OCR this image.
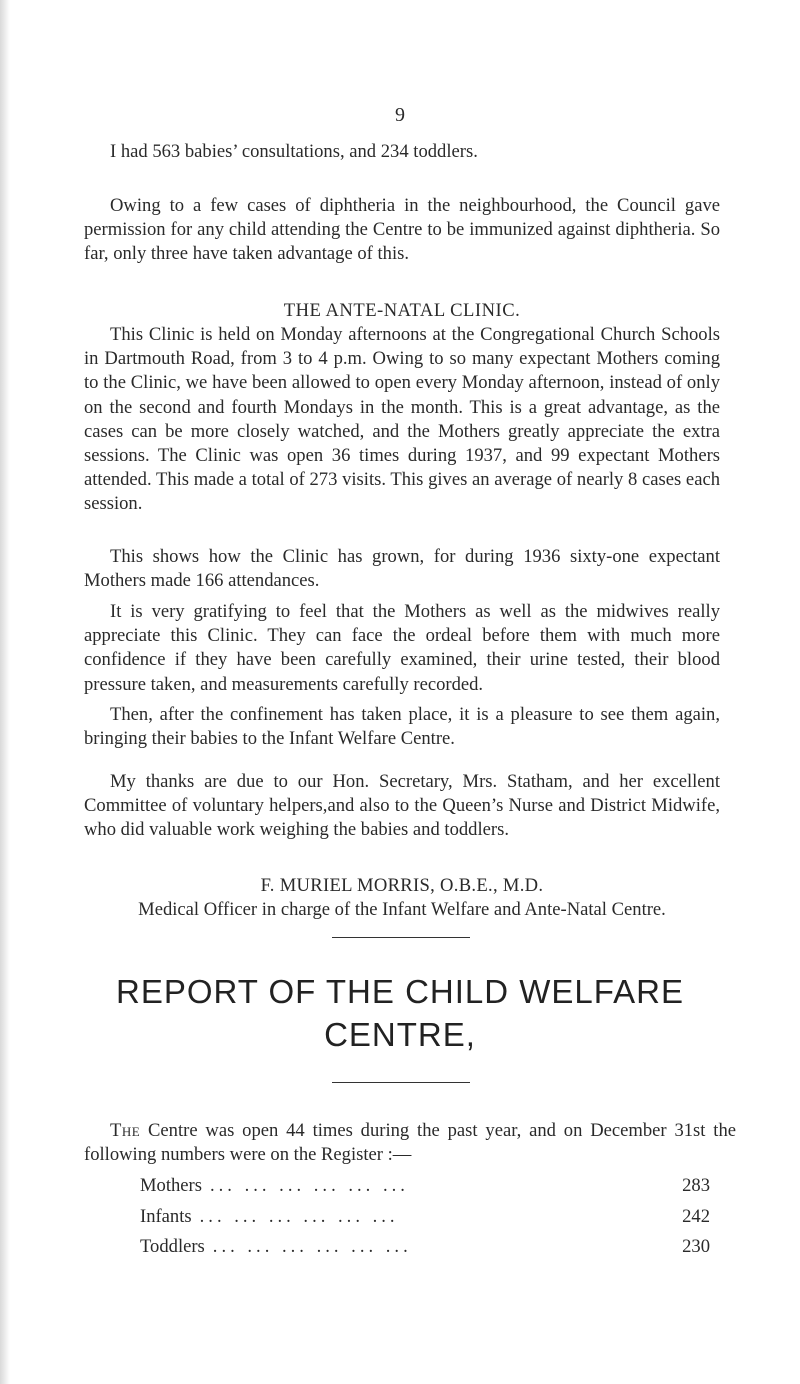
9

I had 563 babies’ consultations, and 234 toddlers.

Owing to a few cases of diphtheria in the neighbourhood, the Council gave permission for any child attending the Centre to be immunized against diphtheria. So far, only three have taken advantage of this.

THE ANTE-NATAL CLINIC.

This Clinic is held on Monday afternoons at the Congregational Church Schools in Dartmouth Road, from 3 to 4 p.m. Owing to so many expectant Mothers coming to the Clinic, we have been allowed to open every Monday afternoon, instead of only on the second and fourth Mondays in the month. This is a great advantage, as the cases can be more closely watched, and the Mothers greatly appreciate the extra sessions. The Clinic was open 36 times during 1937, and 99 expectant Mothers attended. This made a total of 273 visits. This gives an average of nearly 8 cases each session.

This shows how the Clinic has grown, for during 1936 sixty-one expectant Mothers made 166 attendances.

It is very gratifying to feel that the Mothers as well as the midwives really appreciate this Clinic. They can face the ordeal before them with much more confidence if they have been carefully examined, their urine tested, their blood pressure taken, and measurements carefully recorded.

Then, after the confinement has taken place, it is a pleasure to see them again, bringing their babies to the Infant Welfare Centre.

My thanks are due to our Hon. Secretary, Mrs. Statham, and her excellent Committee of voluntary helpers,and also to the Queen’s Nurse and District Midwife, who did valuable work weighing the babies and toddlers.

F. MURIEL MORRIS, O.B.E., M.D.
Medical Officer in charge of the Infant Welfare and Ante-Natal Centre.
REPORT OF THE CHILD WELFARE
CENTRE,

The Centre was open 44 times during the past year, and on December 31st the following numbers were on the Register :—

Mothers ... ... ... ... ... ...	283
Infants ... ... ... ... ... ...	242
Toddlers ... ... ... ... ... ...	230
